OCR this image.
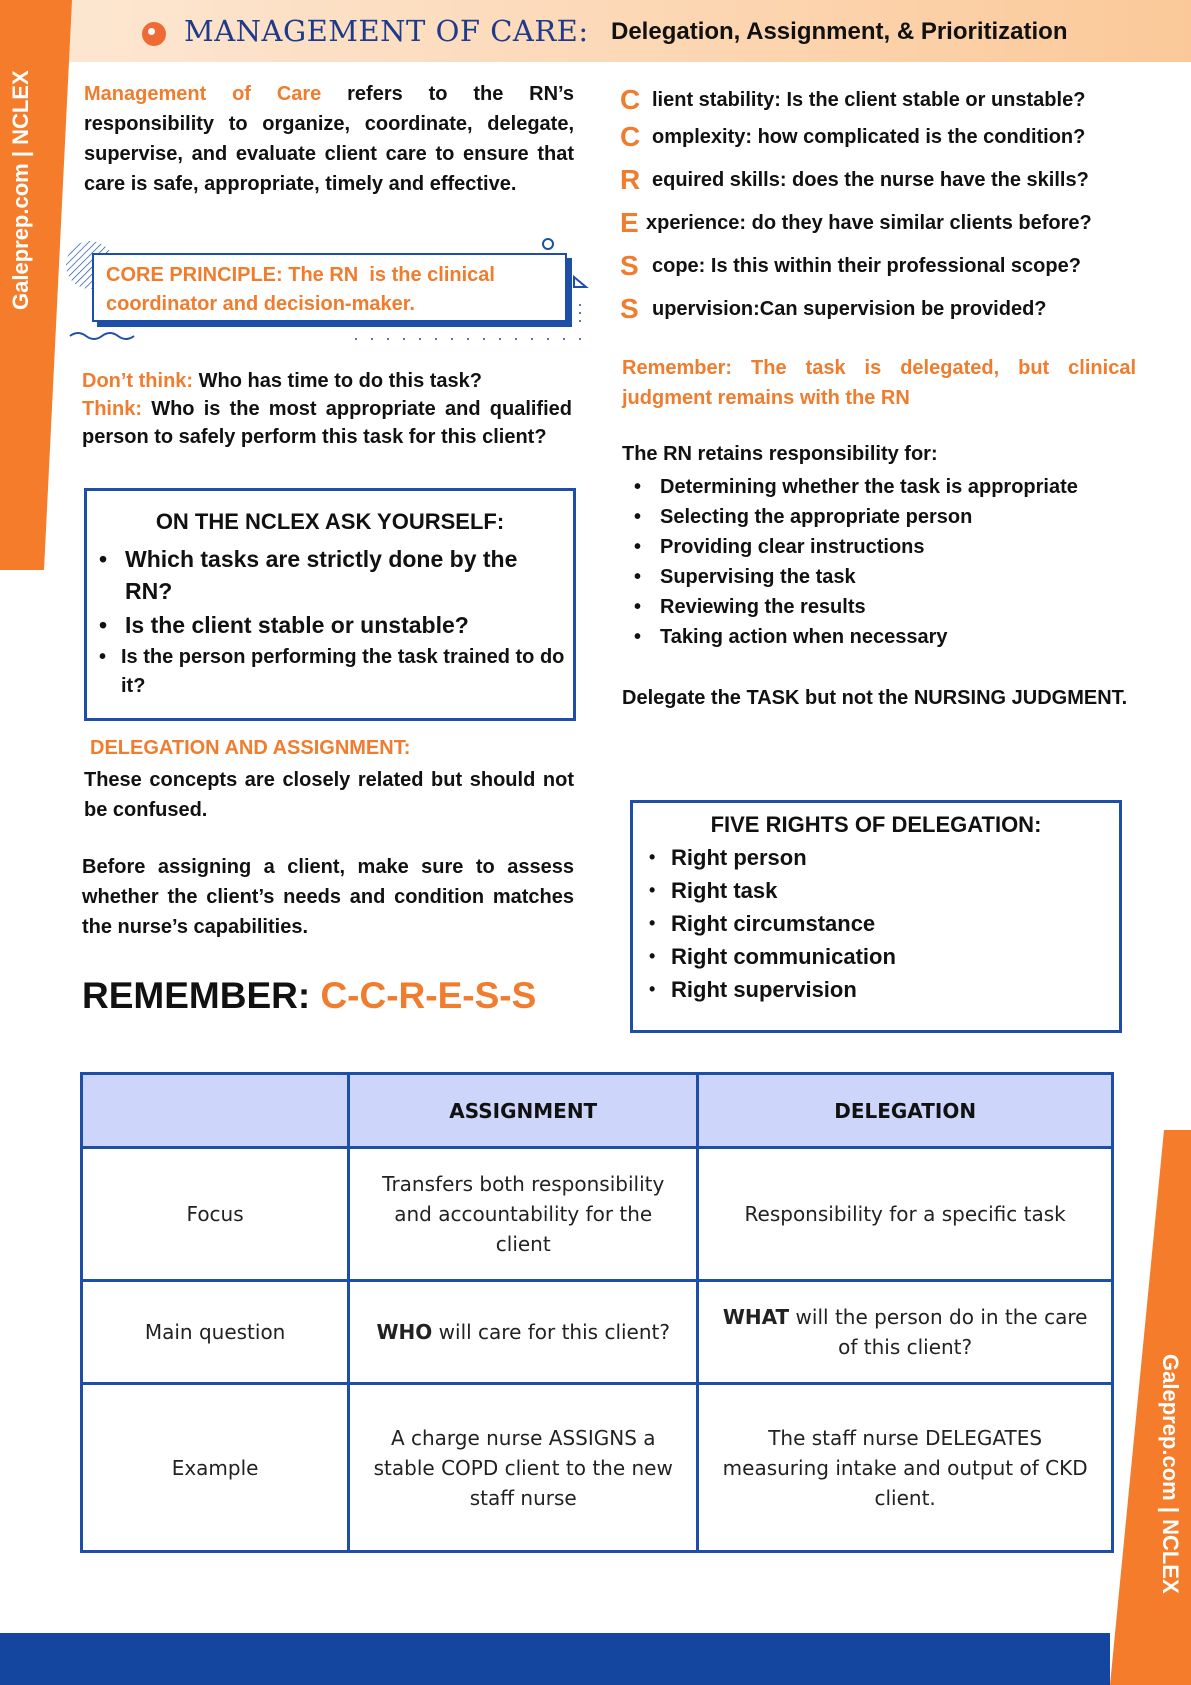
MANAGEMENT OF CARE: Delegation, Assignment, & Prioritization
Galeprep.com | NCLEX
Galeprep.com | NCLEX

Management of Care refers to the RN’s responsibility to organize, coordinate, delegate, supervise, and evaluate client care to ensure that care is safe, appropriate, timely and effective.

CORE PRINCIPLE: The RN  is the clinical
coordinator and decision-maker.
Don’t think: Who has time to do this task?
Think: Who is the most appropriate and qualified person to safely perform this task for this client?
ON THE NCLEX ASK YOURSELF:
• Which tasks are strictly done by the RN?
• Is the client stable or unstable?
• Is the person performing the task trained to do it?
DELEGATION AND ASSIGNMENT:

These concepts are closely related but should not be confused.

Before assigning a client, make sure to assess whether the client’s needs and condition matches the nurse’s capabilities.

REMEMBER: C-C-R-E-S-S
C lient stability: Is the client stable or unstable?
C omplexity: how complicated is the condition?
R equired skills: does the nurse have the skills?
E xperience: do they have similar clients before?
S cope: Is this within their professional scope?
S upervision:Can supervision be provided?

Remember: The task is delegated, but clinical judgment remains with the RN

The RN retains responsibility for:
• Determining whether the task is appropriate
• Selecting the appropriate person
• Providing clear instructions
• Supervising the task
• Reviewing the results
• Taking action when necessary

Delegate the TASK but not the NURSING JUDGMENT.

FIVE RIGHTS OF DELEGATION:
• Right person
• Right task
• Right circumstance
• Right communication
• Right supervision
	ASSIGNMENT	DELEGATION
Focus	Transfers both responsibility and accountability for the client	Responsibility for a specific task
Main question	WHO will care for this client?	WHAT will the person do in the care of this client?
Example	A charge nurse ASSIGNS a stable COPD client to the new staff nurse	The staff nurse DELEGATES measuring intake and output of CKD client.
